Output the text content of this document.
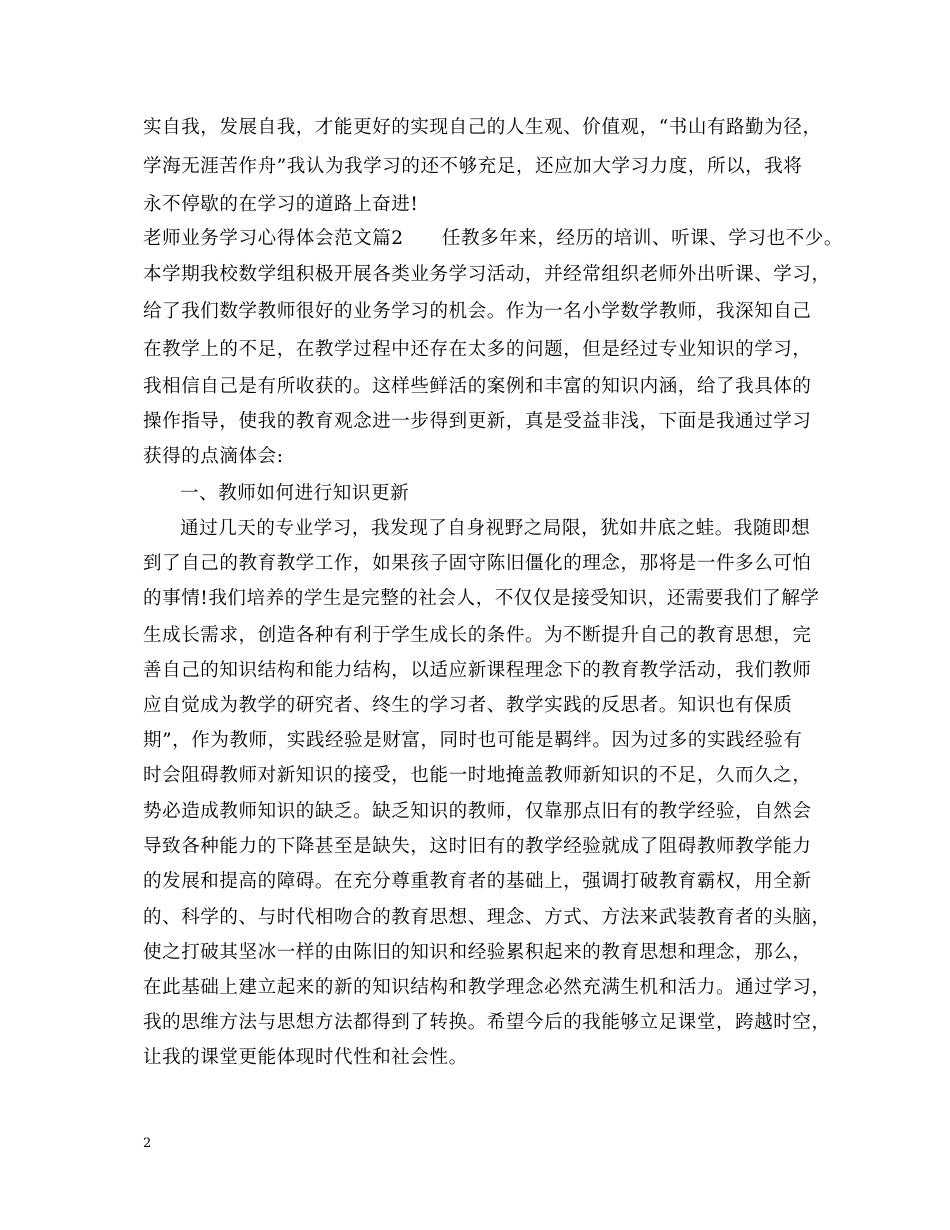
实自我，发展自我，才能更好的实现自己的人生观、价值观，“书山有路勤为径，
学海无涯苦作舟”我认为我学习的还不够充足，还应加大学习力度，所以，我将
永不停歇的在学习的道路上奋进!
老师业务学习心得体会范文篇2　　任教多年来，经历的培训、听课、学习也不少。
本学期我校数学组积极开展各类业务学习活动，并经常组织老师外出听课、学习，
给了我们数学教师很好的业务学习的机会。作为一名小学数学教师，我深知自己
在教学上的不足，在教学过程中还存在太多的问题，但是经过专业知识的学习，
我相信自己是有所收获的。这样些鲜活的案例和丰富的知识内涵，给了我具体的
操作指导，使我的教育观念进一步得到更新，真是受益非浅，下面是我通过学习
获得的点滴体会:
一、教师如何进行知识更新
通过几天的专业学习，我发现了自身视野之局限，犹如井底之蛙。我随即想
到了自己的教育教学工作，如果孩子固守陈旧僵化的理念，那将是一件多么可怕
的事情!我们培养的学生是完整的社会人，不仅仅是接受知识，还需要我们了解学
生成长需求，创造各种有利于学生成长的条件。为不断提升自己的教育思想，完
善自己的知识结构和能力结构，以适应新课程理念下的教育教学活动，我们教师
应自觉成为教学的研究者、终生的学习者、教学实践的反思者。知识也有保质
期”，作为教师，实践经验是财富，同时也可能是羁绊。因为过多的实践经验有
时会阻碍教师对新知识的接受，也能一时地掩盖教师新知识的不足，久而久之，
势必造成教师知识的缺乏。缺乏知识的教师，仅靠那点旧有的教学经验，自然会
导致各种能力的下降甚至是缺失，这时旧有的教学经验就成了阻碍教师教学能力
的发展和提高的障碍。在充分尊重教育者的基础上，强调打破教育霸权，用全新
的、科学的、与时代相吻合的教育思想、理念、方式、方法来武装教育者的头脑，
使之打破其坚冰一样的由陈旧的知识和经验累积起来的教育思想和理念，那么，
在此基础上建立起来的新的知识结构和教学理念必然充满生机和活力。通过学习，
我的思维方法与思想方法都得到了转换。希望今后的我能够立足课堂，跨越时空，
让我的课堂更能体现时代性和社会性。
2
